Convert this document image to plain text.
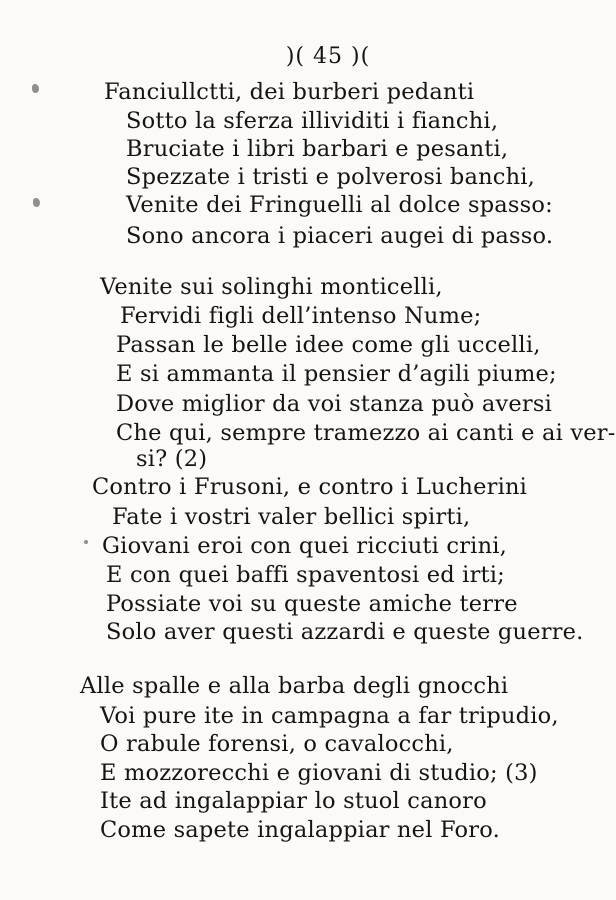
)( 45 )(
Fanciullctti, dei burberi pedanti
Sotto la sferza illividiti i fianchi,
Bruciate i libri barbari e pesanti,
Spezzate i tristi e polverosi banchi,
Venite dei Fringuelli al dolce spasso:
Sono ancora i piaceri augei di passo.
Venite sui solinghi monticelli,
Fervidi figli dell’intenso Nume;
Passan le belle idee come gli uccelli,
E si ammanta il pensier d’agili piume;
Dove miglior da voi stanza può aversi
Che qui, sempre tramezzo ai canti e ai ver-
si? (2)
Contro i Frusoni, e contro i Lucherini
Fate i vostri valer bellici spirti,
Giovani eroi con quei ricciuti crini,
E con quei baffi spaventosi ed irti;
Possiate voi su queste amiche terre
Solo aver questi azzardi e queste guerre.
Alle spalle e alla barba degli gnocchi
Voi pure ite in campagna a far tripudio,
O rabule forensi, o cavalocchi,
E mozzorecchi e giovani di studio; (3)
Ite ad ingalappiar lo stuol canoro
Come sapete ingalappiar nel Foro.
